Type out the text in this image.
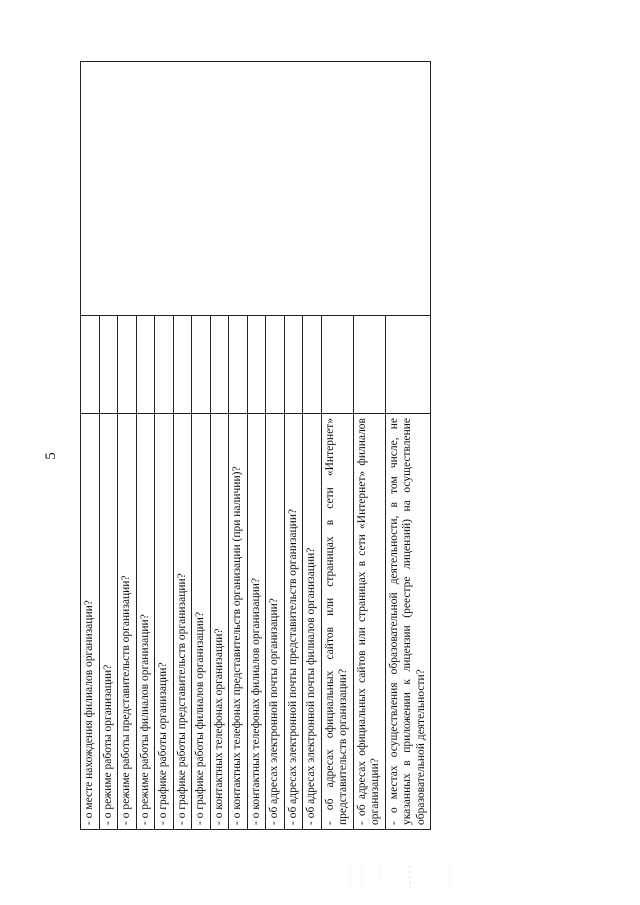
5
- о месте нахождения филиалов организации?		
- о режиме работы организации?		
- о режиме работы представительств организации?		
- о режиме работы филиалов организации?		
- о графике работы организации?		
- о графике работы представительств организации?		
- о графике работы филиалов организации?		
- о контактных телефонах организации?		
- о контактных телефонах представительств организации (при наличии)?		
- о контактных телефонах филиалов организации?		
- об адресах электронной почты организации?		
- об адресах электронной почты представительств организации?		
- об адресах электронной почты филиалов организации?		
- об адресах официальных сайтов или страницах в сети «Интернет» представительств организации?		
- об адресах официальных сайтов или страницах в сети «Интернет» филиалов организации?		
- о местах осуществления образовательной деятельности, в том числе, не указанных в приложении к лицензии (реестре лицензий) на осуществление образовательной деятельности?		
